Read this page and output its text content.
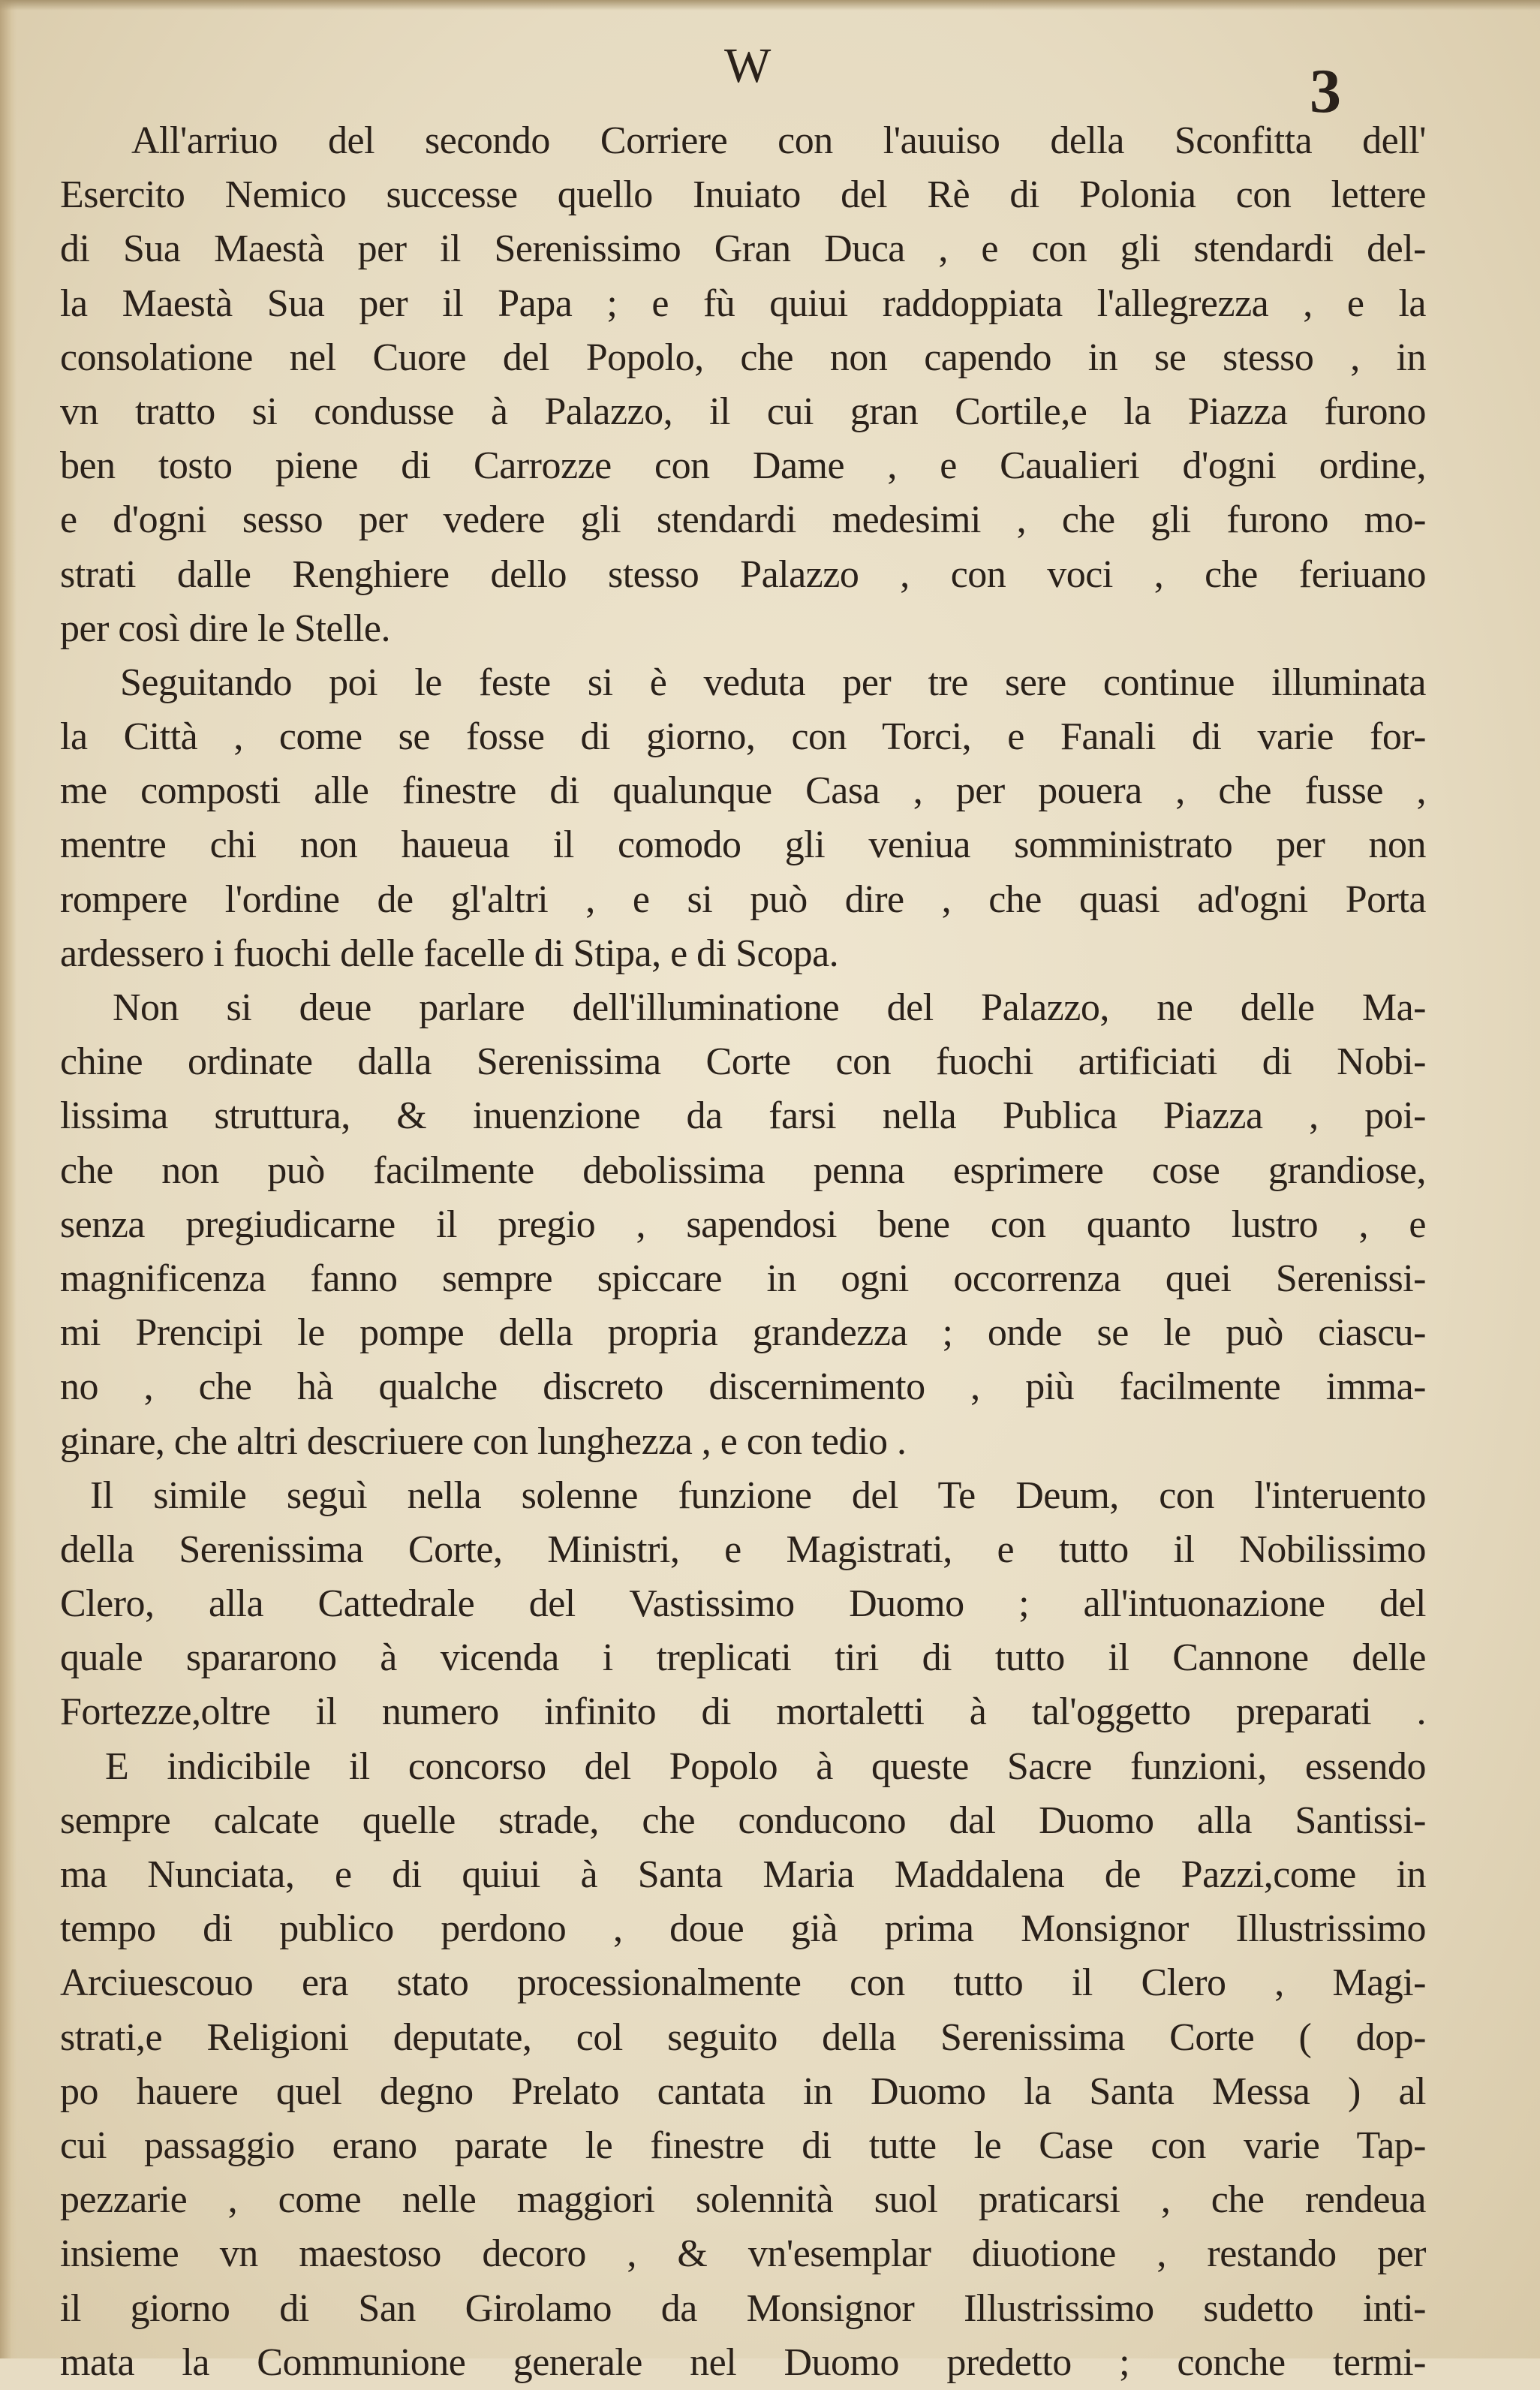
W	3
All'arriuo del secondo Corriere con l'auuiso della Sconfitta dell'
Esercito Nemico successe quello Inuiato del Rè di Polonia con lettere
di Sua Maestà per il Serenissimo Gran Duca , e con gli stendardi del-
la Maestà Sua per il Papa ; e fù quiui raddoppiata l'allegrezza , e la
consolatione nel Cuore del Popolo, che non capendo in se stesso , in
vn tratto si condusse à Palazzo, il cui gran Cortile,e la Piazza furono
ben tosto piene di Carrozze con Dame , e Caualieri d'ogni ordine,
e d'ogni sesso per vedere gli stendardi medesimi , che gli furono mo-
strati dalle Renghiere dello stesso Palazzo , con voci , che feriuano
per così dire le Stelle.
Seguitando poi le feste si è veduta per tre sere continue illuminata
la Città , come se fosse di giorno, con Torci, e Fanali di varie for-
me composti alle finestre di qualunque Casa , per pouera , che fusse ,
mentre chi non haueua il comodo gli veniua somministrato per non
rompere l'ordine de gl'altri , e si può dire , che quasi ad'ogni Porta
ardessero i fuochi delle facelle di Stipa, e di Scopa.
Non si deue parlare dell'illuminatione del Palazzo, ne delle Ma-
chine ordinate dalla Serenissima Corte con fuochi artificiati di Nobi-
lissima struttura, & inuenzione da farsi nella Publica Piazza , poi-
che non può facilmente debolissima penna esprimere cose grandiose,
senza pregiudicarne il pregio , sapendosi bene con quanto lustro , e
magnificenza fanno sempre spiccare in ogni occorrenza quei Serenissi-
mi Prencipi le pompe della propria grandezza ; onde se le può ciascu-
no , che hà qualche discreto discernimento , più facilmente imma-
ginare, che altri descriuere con lunghezza , e con tedio .
Il simile seguì nella solenne funzione del Te Deum, con l'interuento
della Serenissima Corte, Ministri, e Magistrati, e tutto il Nobilissimo
Clero, alla Cattedrale del Vastissimo Duomo ; all'intuonazione del
quale spararono à vicenda i treplicati tiri di tutto il Cannone delle
Fortezze,oltre il numero infinito di mortaletti à tal'oggetto preparati .
E indicibile il concorso del Popolo à queste Sacre funzioni, essendo
sempre calcate quelle strade, che conducono dal Duomo alla Santissi-
ma Nunciata, e di quiui à Santa Maria Maddalena de Pazzi,come in
tempo di publico perdono , doue già prima Monsignor Illustrissimo
Arciuescouo era stato processionalmente con tutto il Clero , Magi-
strati,e Religioni deputate, col seguito della Serenissima Corte ( dop-
po hauere quel degno Prelato cantata in Duomo la Santa Messa ) al
cui passaggio erano parate le finestre di tutte le Case con varie Tap-
pezzarie , come nelle maggiori solennità suol praticarsi , che rendeua
insieme vn maestoso decoro , & vn'esemplar diuotione , restando per
il giorno di San Girolamo da Monsignor Illustrissimo sudetto inti-
mata la Communione generale nel Duomo predetto ; conche termi-
